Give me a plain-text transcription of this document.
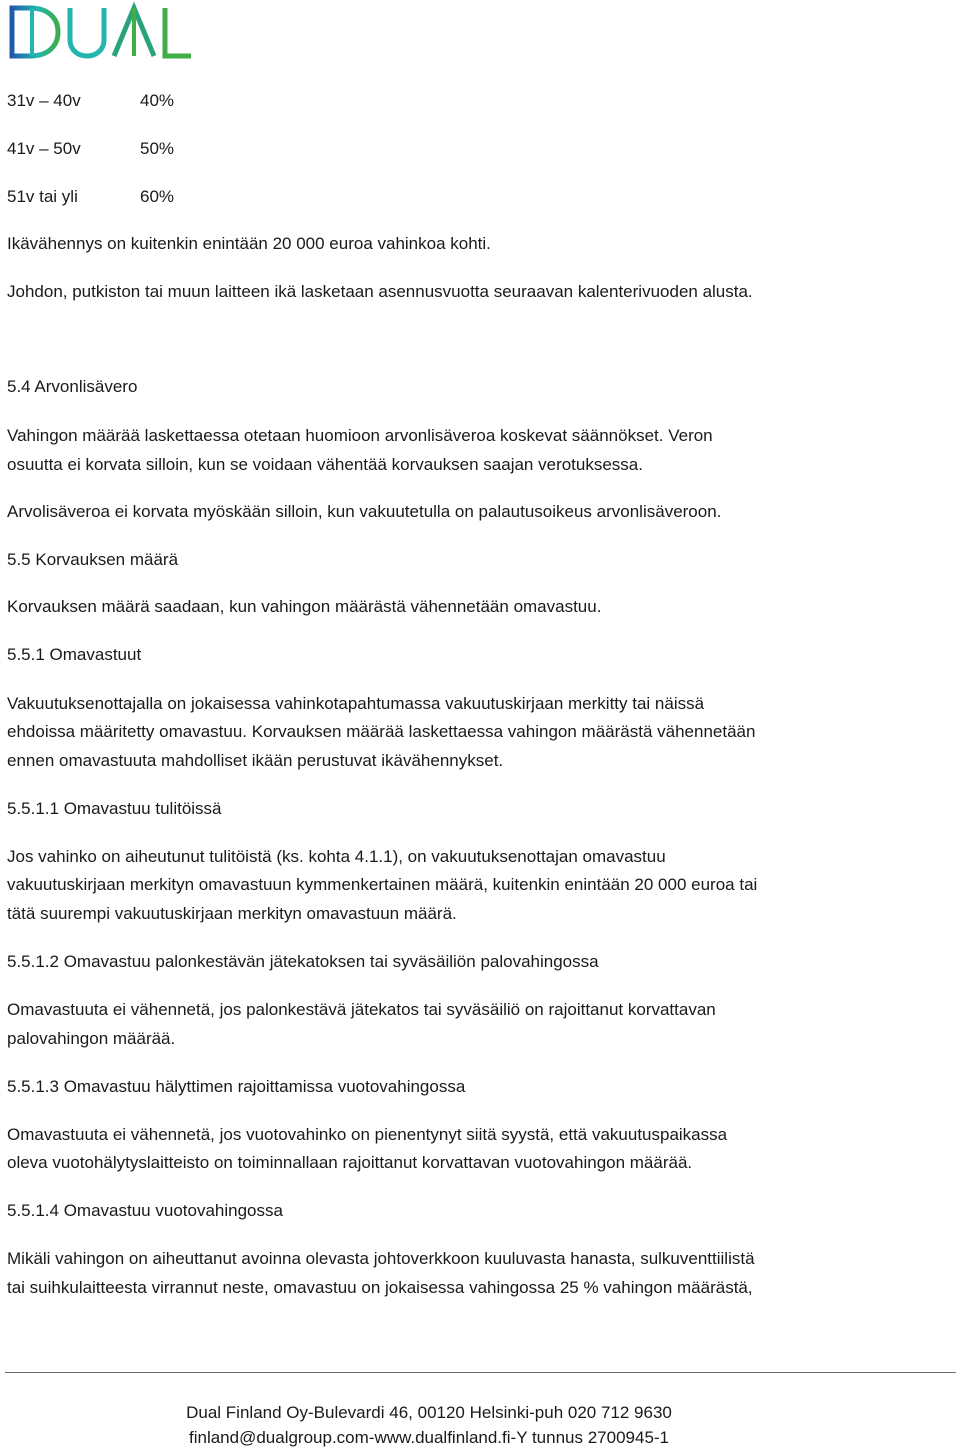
31v – 40v	40%
41v – 50v	50%
51v tai yli	60%
Ikävähennys on kuitenkin enintään 20 000 euroa vahinkoa kohti.
Johdon, putkiston tai muun laitteen ikä lasketaan asennusvuotta seuraavan kalenterivuoden alusta.
5.4 Arvonlisävero
Vahingon määrää laskettaessa otetaan huomioon arvonlisäveroa koskevat säännökset. Veron
osuutta ei korvata silloin, kun se voidaan vähentää korvauksen saajan verotuksessa.
Arvolisäveroa ei korvata myöskään silloin, kun vakuutetulla on palautusoikeus arvonlisäveroon.
5.5 Korvauksen määrä
Korvauksen määrä saadaan, kun vahingon määrästä vähennetään omavastuu.
5.5.1 Omavastuut
Vakuutuksenottajalla on jokaisessa vahinkotapahtumassa vakuutuskirjaan merkitty tai näissä
ehdoissa määritetty omavastuu. Korvauksen määrää laskettaessa vahingon määrästä vähennetään
ennen omavastuuta mahdolliset ikään perustuvat ikävähennykset.
5.5.1.1 Omavastuu tulitöissä
Jos vahinko on aiheutunut tulitöistä (ks. kohta 4.1.1), on vakuutuksenottajan omavastuu
vakuutuskirjaan merkityn omavastuun kymmenkertainen määrä, kuitenkin enintään 20 000 euroa tai
tätä suurempi vakuutuskirjaan merkityn omavastuun määrä.
5.5.1.2 Omavastuu palonkestävän jätekatoksen tai syväsäiliön palovahingossa
Omavastuuta ei vähennetä, jos palonkestävä jätekatos tai syväsäiliö on rajoittanut korvattavan
palovahingon määrää.
5.5.1.3 Omavastuu hälyttimen rajoittamissa vuotovahingossa
Omavastuuta ei vähennetä, jos vuotovahinko on pienentynyt siitä syystä, että vakuutuspaikassa
oleva vuotohälytyslaitteisto on toiminnallaan rajoittanut korvattavan vuotovahingon määrää.
5.5.1.4 Omavastuu vuotovahingossa
Mikäli vahingon on aiheuttanut avoinna olevasta johtoverkkoon kuuluvasta hanasta, sulkuventtiilistä
tai suihkulaitteesta virrannut neste, omavastuu on jokaisessa vahingossa 25 % vahingon määrästä,
Dual Finland Oy-Bulevardi 46, 00120 Helsinki-puh 020 712 9630
finland@dualgroup.com-www.dualfinland.fi-Y tunnus 2700945-1
